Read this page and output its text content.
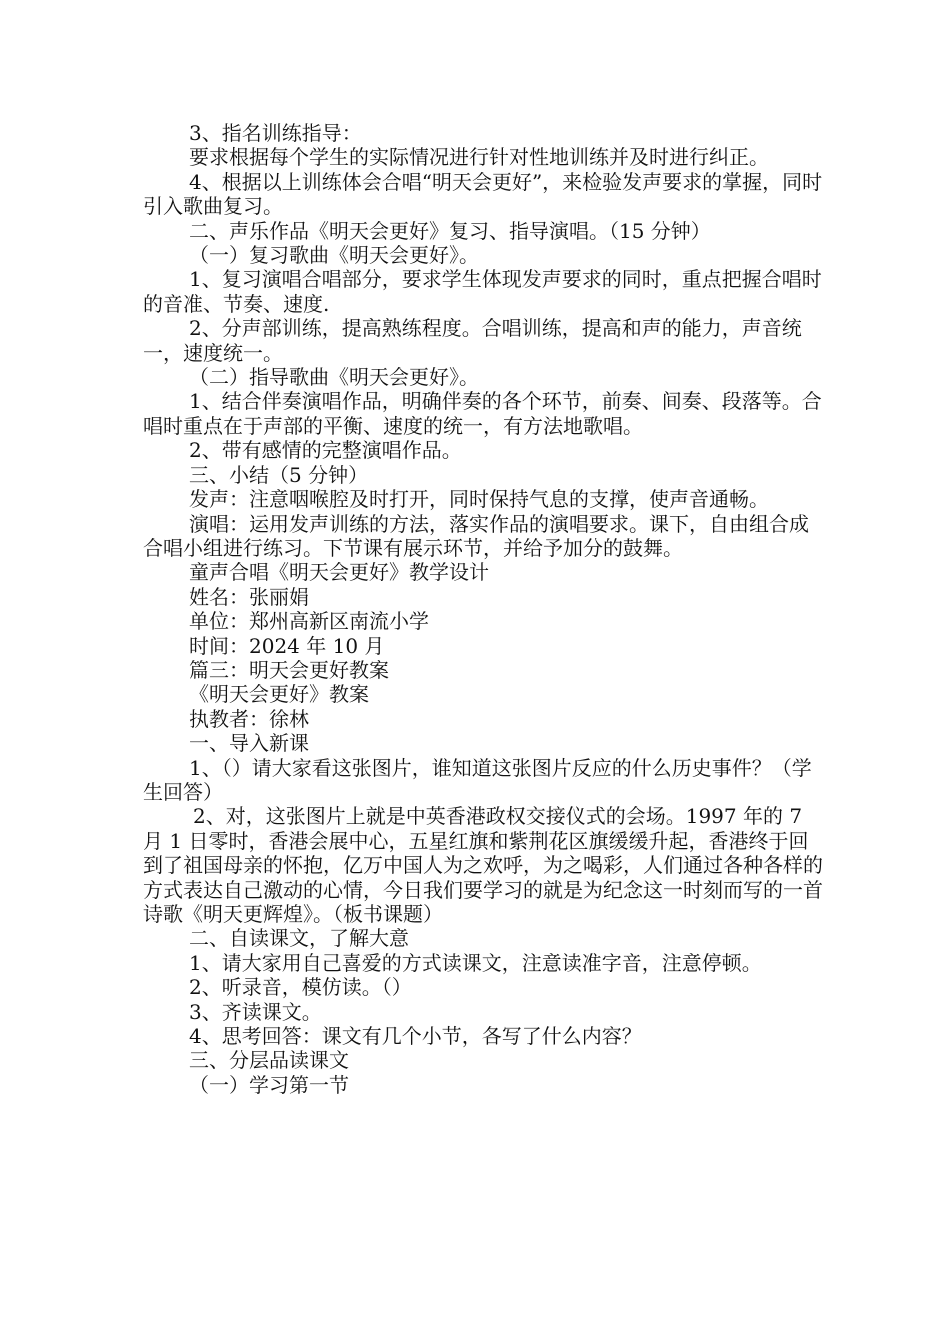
3、指名训练指导：

要求根据每个学生的实际情况进行针对性地训练并及时进行纠正。

4、根据以上训练体会合唱“明天会更好”，来检验发声要求的掌握，同时引入歌曲复习。

二、声乐作品《明天会更好》复习、指导演唱。（15 分钟）

（一）复习歌曲《明天会更好》。

1、复习演唱合唱部分，要求学生体现发声要求的同时，重点把握合唱时的音准、节奏、速度.

2、分声部训练，提高熟练程度。合唱训练，提高和声的能力，声音统一，速度统一。

（二）指导歌曲《明天会更好》。

1、结合伴奏演唱作品，明确伴奏的各个环节，前奏、间奏、段落等。合唱时重点在于声部的平衡、速度的统一，有方法地歌唱。

2、带有感情的完整演唱作品。

三、小结（5 分钟）

发声：注意咽喉腔及时打开，同时保持气息的支撑，使声音通畅。

演唱：运用发声训练的方法，落实作品的演唱要求。课下，自由组合成合唱小组进行练习。下节课有展示环节，并给予加分的鼓舞。

童声合唱《明天会更好》教学设计

姓名：张丽娟

单位：郑州高新区南流小学

时间：2024 年 10 月

篇三：明天会更好教案

《明天会更好》教案

执教者：徐林

一、导入新课

1、（）请大家看这张图片，谁知道这张图片反应的什么历史事件？（学生回答）

2、对，这张图片上就是中英香港政权交接仪式的会场。1997 年的 7 月 1 日零时，香港会展中心，五星红旗和紫荆花区旗缓缓升起，香港终于回到了祖国母亲的怀抱，亿万中国人为之欢呼，为之喝彩，人们通过各种各样的方式表达自己激动的心情，今日我们要学习的就是为纪念这一时刻而写的一首诗歌《明天更辉煌》。（板书课题）

二、自读课文，了解大意

1、请大家用自己喜爱的方式读课文，注意读准字音，注意停顿。

2、听录音，模仿读。（）

3、齐读课文。

4、思考回答：课文有几个小节，各写了什么内容？

三、分层品读课文

（一）学习第一节
